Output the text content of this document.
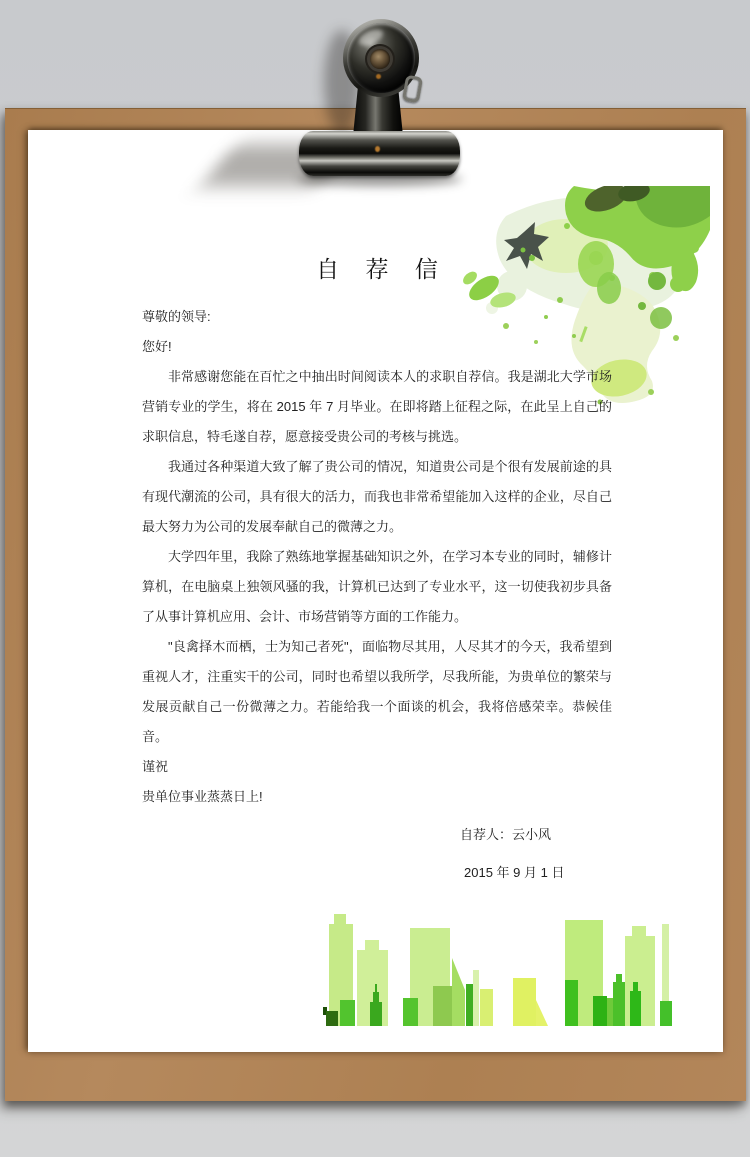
自 荐 信

尊敬的领导:

您好!

非常感谢您能在百忙之中抽出时间阅读本人的求职自荐信。我是湖北大学市场营销专业的学生，将在 2015 年 7 月毕业。在即将踏上征程之际，在此呈上自己的求职信息，特毛遂自荐，愿意接受贵公司的考核与挑选。

我通过各种渠道大致了解了贵公司的情况，知道贵公司是个很有发展前途的具有现代潮流的公司，具有很大的活力，而我也非常希望能加入这样的企业，尽自己最大努力为公司的发展奉献自己的微薄之力。

大学四年里，我除了熟练地掌握基础知识之外，在学习本专业的同时，辅修计算机，在电脑桌上独领风骚的我，计算机已达到了专业水平，这一切使我初步具备了从事计算机应用、会计、市场营销等方面的工作能力。

"良禽择木而栖，士为知己者死"，面临物尽其用，人尽其才的今天，我希望到重视人才，注重实干的公司，同时也希望以我所学，尽我所能，为贵单位的繁荣与发展贡献自己一份微薄之力。若能给我一个面谈的机会，我将倍感荣幸。恭候佳音。

谨祝

贵单位事业蒸蒸日上!

自荐人：云小风

2015 年 9 月 1 日
